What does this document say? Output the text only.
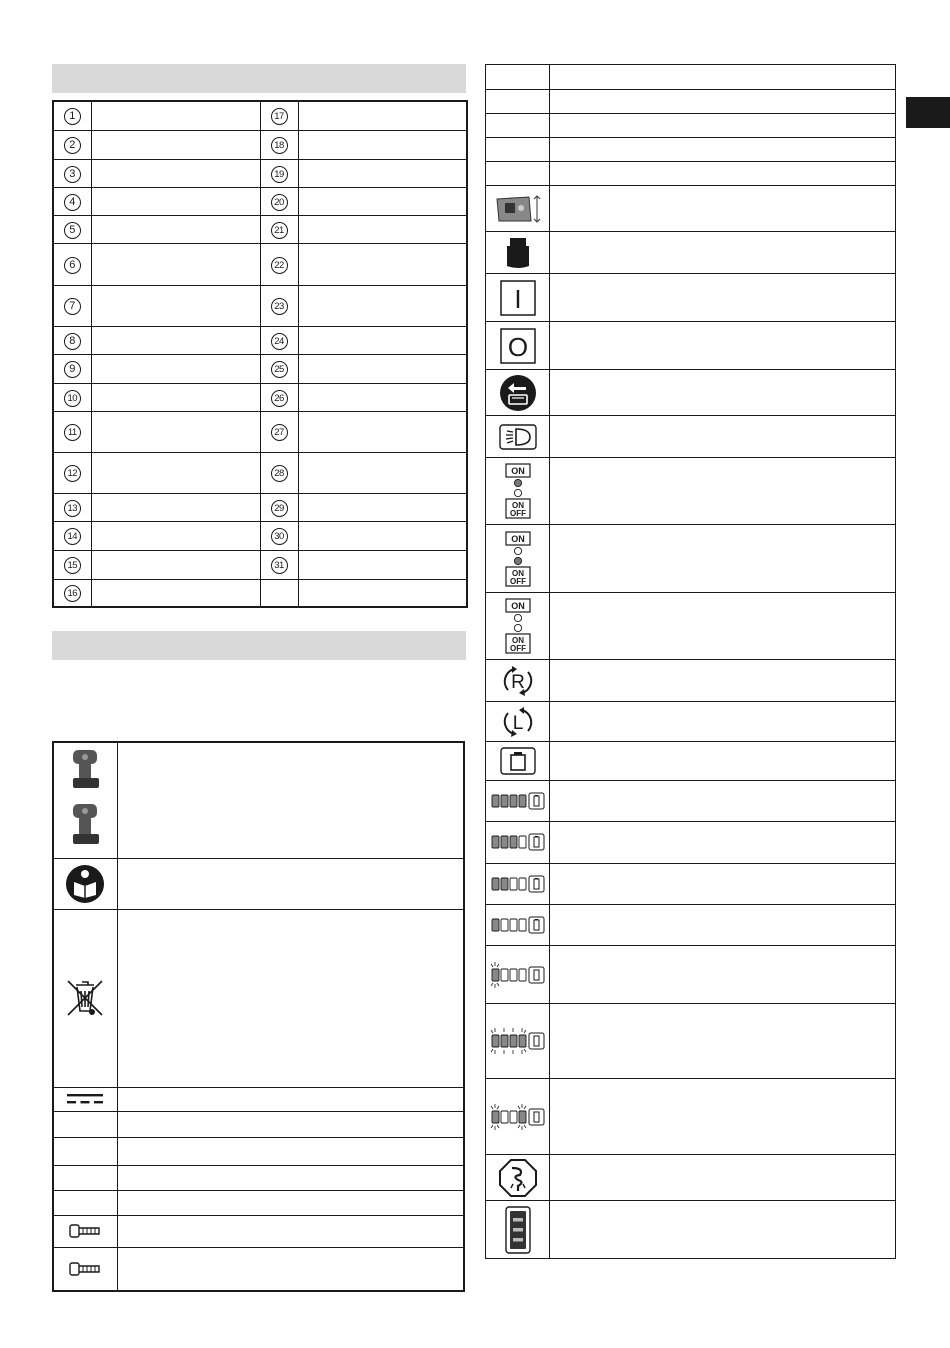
1		17	
2		18	
3		19	
4		20	
5		21	
6		22	
7		23	
8		24	
9		25	
10		26	
11		27	
12		28	
13		29	
14		30	
15		31	
16			

I	

O	

ON
ON
OFF	

ON
ON
OFF	

ON
ON
OFF	

R	

L	
